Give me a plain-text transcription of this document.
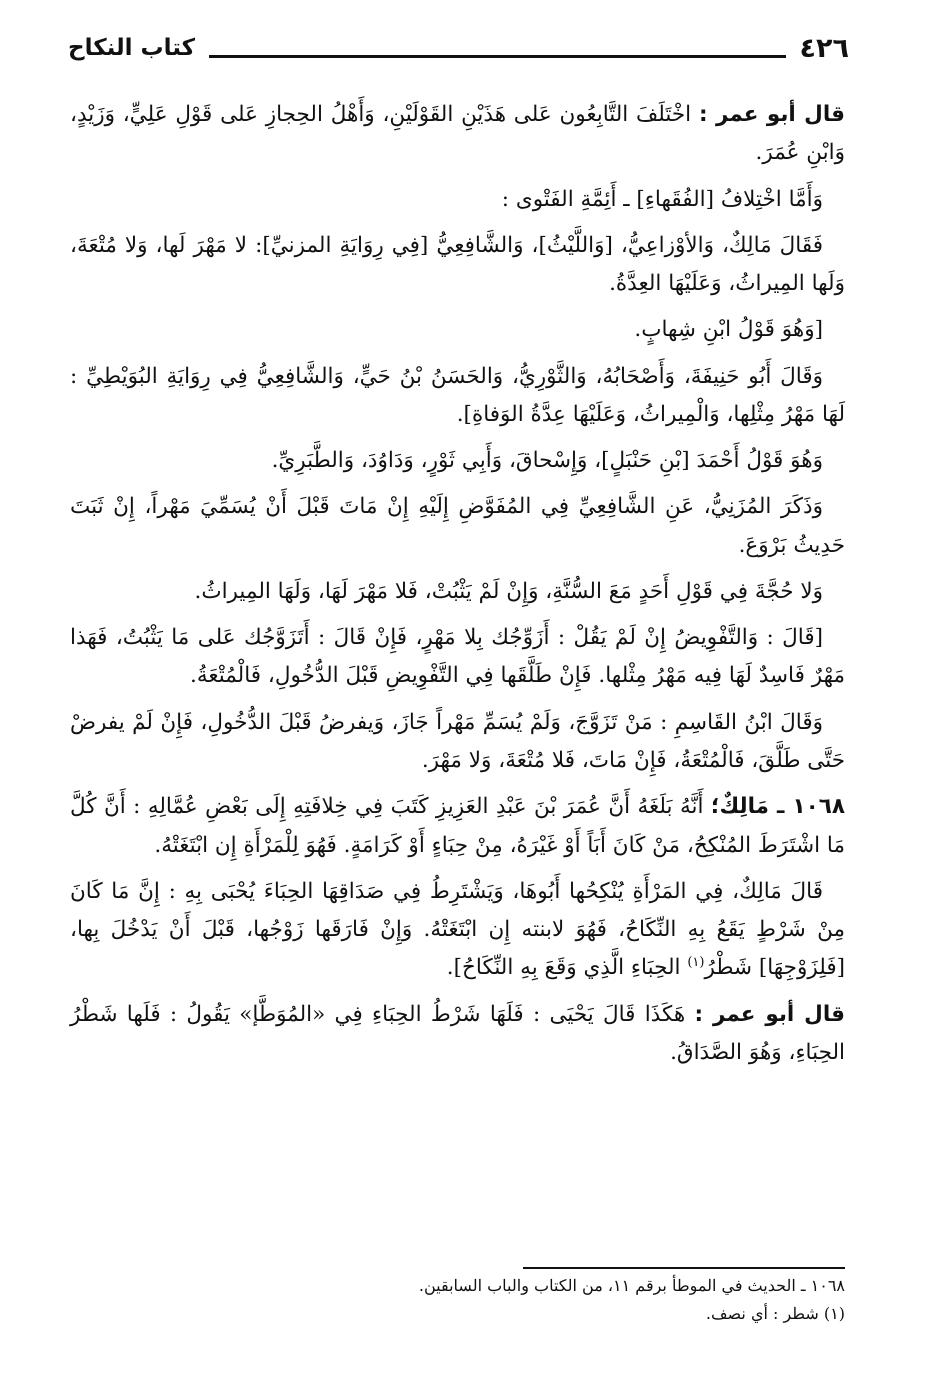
٤٢٦
كتاب النكاح

قال أبو عمر : اخْتَلَفَ التَّابِعُون عَلى هَذَيْنِ القَوْلَيْنِ، وَأَهْلُ الحِجازِ عَلى قَوْلِ عَلِيٍّ، وَزَيْدٍ، وَابْنِ عُمَرَ.

وَأَمَّا اخْتِلافُ [الفُقَهاءِ] ـ أَئِمَّةِ الفَتْوى :

فَقَالَ مَالِكٌ، وَالأوْزاعِيُّ، [وَاللَّيْثُ]، وَالشَّافِعِيُّ [فِي رِوَايَةِ المزنيِّ]: لا مَهْرَ لَها، وَلا مُتْعَةَ، وَلَها المِيراثُ، وَعَلَيْهَا العِدَّةُ.

[وَهُوَ قَوْلُ ابْنِ شِهابٍ.

وَقَالَ أَبُو حَنِيفَةَ، وَأَصْحَابُهُ، وَالثَّوْرِيُّ، وَالحَسَنُ بْنُ حَيٍّ، وَالشَّافِعِيُّ فِي رِوَايَةِ البُوَيْطِيِّ : لَهَا مَهْرُ مِثْلِها، وَالْمِيراثُ، وَعَلَيْهَا عِدَّةُ الوَفاةِ].

وَهُوَ قَوْلُ أَحْمَدَ [بْنِ حَنْبَلٍ]، وَإِسْحاقَ، وَأَبِي ثَوْرٍ، وَدَاوُدَ، وَالطَّبَرِيِّ.

وَذَكَرَ المُزَنِيُّ، عَنِ الشَّافِعِيِّ فِي المُفَوَّضِ إِلَيْهِ إِنْ مَاتَ قَبْلَ أَنْ يُسَمِّيَ مَهْراً، إِنْ ثَبَتَ حَدِيثُ بَرْوَعَ.

وَلا حُجَّةَ فِي قَوْلِ أَحَدٍ مَعَ السُّنَّةِ، وَإِنْ لَمْ يَثْبُتْ، فَلا مَهْرَ لَهَا، وَلَهَا المِيراثُ.

[قَالَ : وَالتَّفْوِيضُ إِنْ لَمْ يَقُلْ : أَزَوِّجُك بِلا مَهْرٍ، فَإِنْ قَالَ : أَتَزَوَّجُك عَلى مَا يَثْبُتُ، فَهَذا مَهْرٌ فَاسِدٌ لَهَا فِيه مَهْرُ مِثْلها. فَإِنْ طَلَّقَها فِي التَّفْوِيضِ قَبْلَ الدُّخُولِ، فَالْمُتْعَةُ.

وَقَالَ ابْنُ القَاسِمِ : مَنْ تَزَوَّجَ، وَلَمْ يُسَمِّ مَهْراً جَازَ، وَيفرضُ قَبْلَ الدُّخُولِ، فَإِنْ لَمْ يفرضْ حَتَّى طَلَّقَ، فَالْمُتْعَةُ، فَإِنْ مَاتَ، فَلا مُتْعَةَ، وَلا مَهْرَ.

١٠٦٨ ـ مَالِكٌ؛ أَنَّهُ بَلَغَهُ أَنَّ عُمَرَ بْنَ عَبْدِ العَزِيزِ كَتَبَ فِي خِلافَتِهِ إِلَى بَعْضِ عُمَّالِهِ : أَنَّ كُلَّ مَا اشْتَرَطَ المُنْكِحُ، مَنْ كَانَ أَبَاً أَوْ غَيْرَهُ، مِنْ حِبَاءٍ أَوْ كَرَامَةٍ. فَهُوَ لِلْمَرْأَةِ إِن ابْتَغَتْهُ.

قَالَ مَالِكٌ، فِي المَرْأَةِ يُنْكِحُها أَبُوهَا، وَيَشْتَرِطُ فِي صَدَاقِهَا الحِبَاءَ يُحْبَى بِهِ : إِنَّ مَا كَانَ مِنْ شَرْطٍ يَقَعُ بِهِ النِّكَاحُ، فَهُوَ لابنته إِن ابْتَغَتْهُ. وَإِنْ فَارَقَها زَوْجُها، قَبْلَ أَنْ يَدْخُلَ بِها، [فَلِزَوْجِهَا] شَطْرُ$^{(١)}$ الحِبَاءِ الَّذِي وَقَعَ بِهِ النِّكَاحُ].

قال أبو عمر : هَكَذَا قَالَ يَحْيَى : فَلَهَا شَرْطُ الحِبَاءِ فِي «المُوَطَّإ» يَقُولُ : فَلَها شَطْرُ الحِبَاءِ، وَهُوَ الصَّدَاقُ.

١٠٦٨ ـ الحديث في الموطأ برقم ١١، من الكتاب والباب السابقين.

(١) شطر : أي نصف.
